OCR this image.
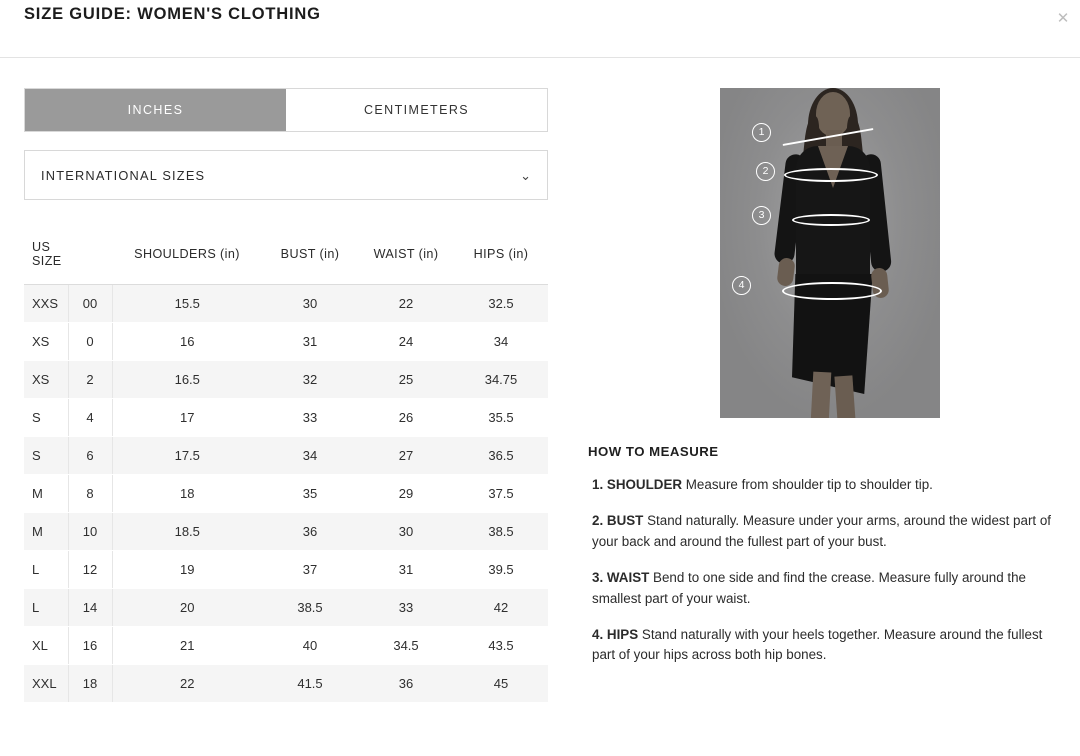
SIZE GUIDE: WOMEN'S CLOTHING	✕
INCHES	CENTIMETERS
INTERNATIONAL SIZES	⌄
US SIZE		SHOULDERS (in)	BUST (in)	WAIST (in)	HIPS (in)
XXS	00	15.5	30	22	32.5
XS	0	16	31	24	34
XS	2	16.5	32	25	34.75
S	4	17	33	26	35.5
S	6	17.5	34	27	36.5
M	8	18	35	29	37.5
M	10	18.5	36	30	38.5
L	12	19	37	31	39.5
L	14	20	38.5	33	42
XL	16	21	40	34.5	43.5
XXL	18	22	41.5	36	45
1
2
3
4
HOW TO MEASURE
1. SHOULDER Measure from shoulder tip to shoulder tip.
2. BUST Stand naturally. Measure under your arms, around the widest part of your back and around the fullest part of your bust.
3. WAIST Bend to one side and find the crease. Measure fully around the smallest part of your waist.
4. HIPS Stand naturally with your heels together. Measure around the fullest part of your hips across both hip bones.
